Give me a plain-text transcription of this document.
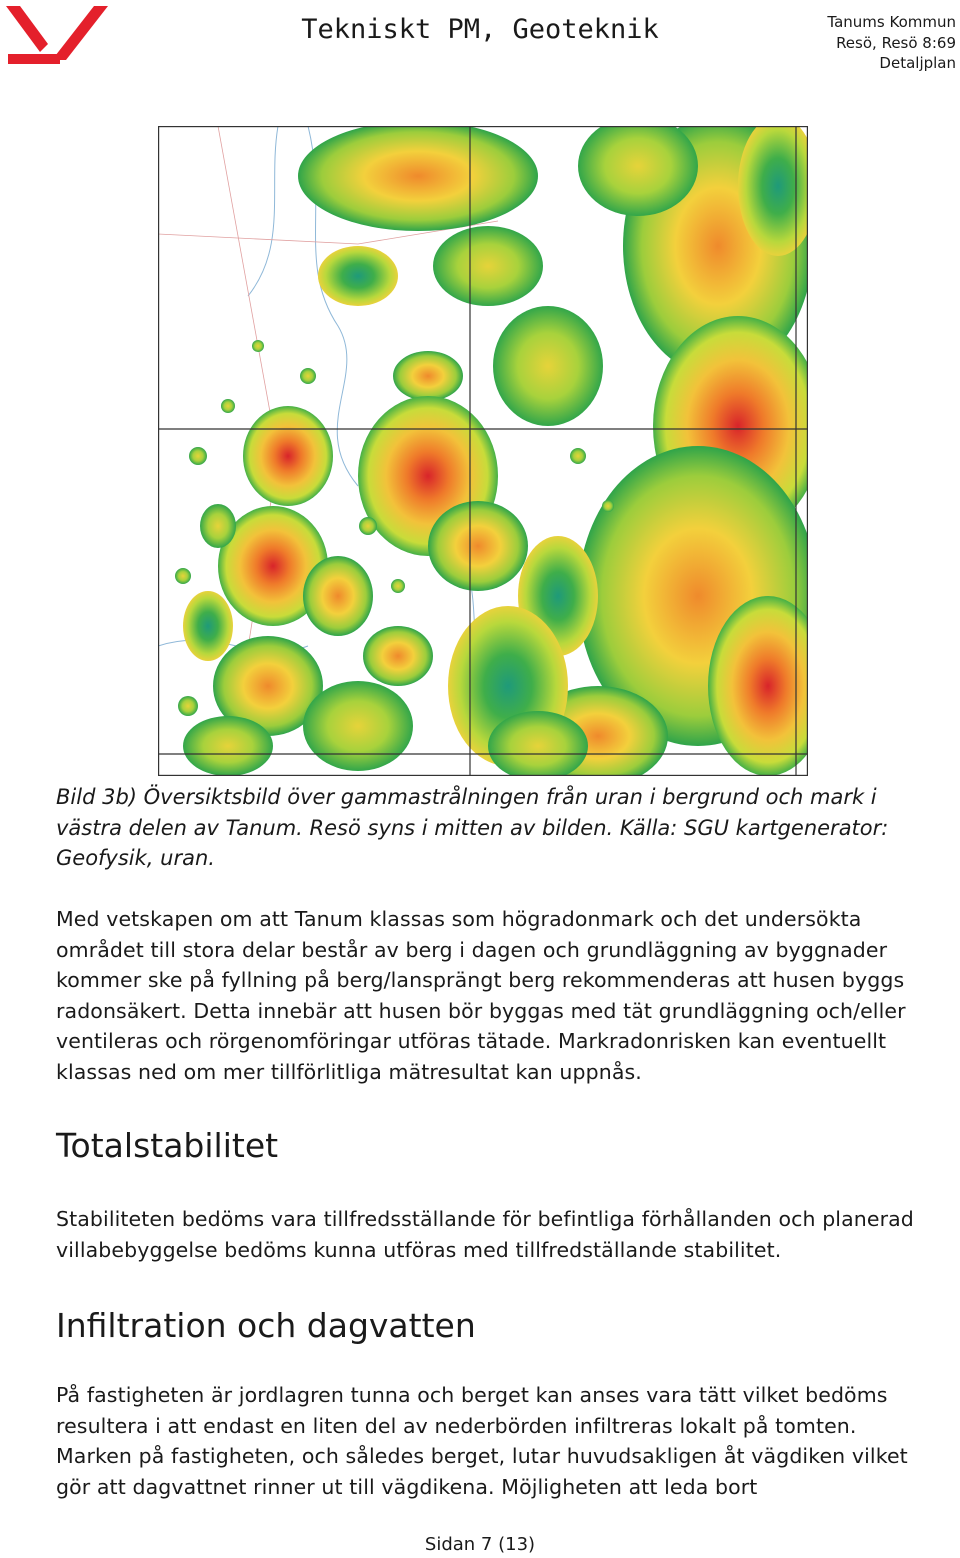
Tekniskt PM, Geoteknik	Tanums Kommun
Resö, Resö 8:69
Detaljplan
Bild 3b) Översiktsbild över gammastrålningen från uran i bergrund och mark i västra delen av Tanum. Resö syns i mitten av bilden. Källa: SGU kartgenerator: Geofysik, uran.
Med vetskapen om att Tanum klassas som högradonmark och det undersökta området till stora delar består av berg i dagen och grundläggning av byggnader kommer ske på fyllning på berg/lansprängt berg rekommenderas att husen byggs radonsäkert. Detta innebär att husen bör byggas med tät grundläggning och/eller ventileras och rörgenomföringar utföras tätade. Markradonrisken kan eventuellt klassas ned om mer tillförlitliga mätresultat kan uppnås.
Totalstabilitet
Stabiliteten bedöms vara tillfredsställande för befintliga förhållanden och planerad villabebyggelse bedöms kunna utföras med tillfredställande stabilitet.
Infiltration och dagvatten
På fastigheten är jordlagren tunna och berget kan anses vara tätt vilket bedöms resultera i att endast en liten del av nederbörden infiltreras lokalt på tomten. Marken på fastigheten, och således berget, lutar huvudsakligen åt vägdiken vilket gör att dagvattnet rinner ut till vägdikena. Möjligheten att leda bort
Sidan 7 (13)
